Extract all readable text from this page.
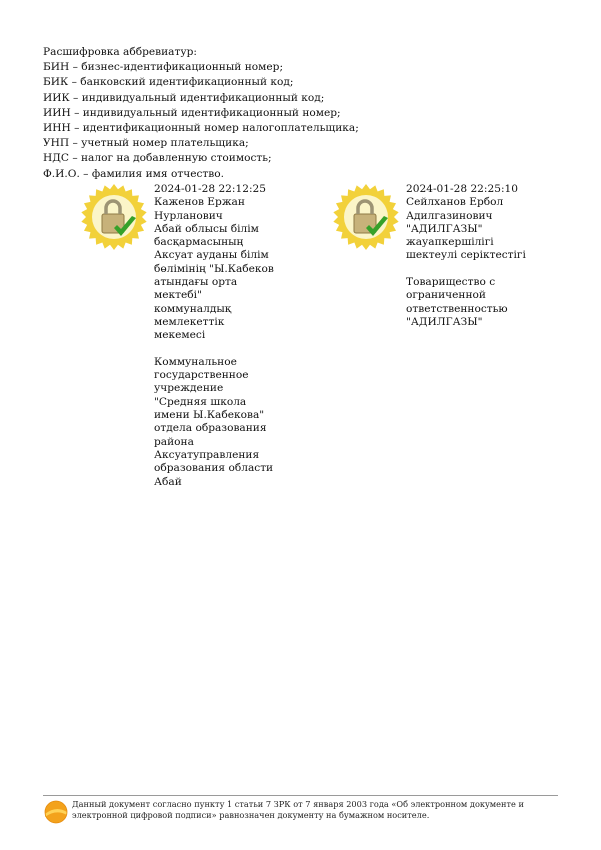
Расшифровка аббревиатур:
БИН – бизнес-идентификационный номер;
БИК – банковский идентификационный код;
ИИК – индивидуальный идентификационный код;
ИИН – индивидуальный идентификационный номер;
ИНН – идентификационный номер налогоплательщика;
УНП – учетный номер плательщика;
НДС – налог на добавленную стоимость;
Ф.И.О. – фамилия имя отчество.
2024-01-28 22:12:25
Каженов Ержан
Нурланович
Абай облысы білім
басқармасының
Аксуат ауданы білім
бөлімінің "Ы.Кабеков
атындағы орта
мектебі"
коммуналдық
мемлекеттік
мекемесі
Коммунальное
государственное
учреждение
"Средняя школа
имени Ы.Кабекова"
отдела образования
района
Аксуатуправления
образования области
Абай
2024-01-28 22:25:10
Сейлханов Ербол
Адилгазинович
"АДИЛГАЗЫ"
жауапкершілігі
шектеулі серіктестігі
Товарищество с
ограниченной
ответственностью
"АДИЛГАЗЫ"
Данный документ согласно пункту 1 статьи 7 ЗРК от 7 января 2003 года «Об электронном документе и электронной цифровой подписи» равнозначен документу на бумажном носителе.
